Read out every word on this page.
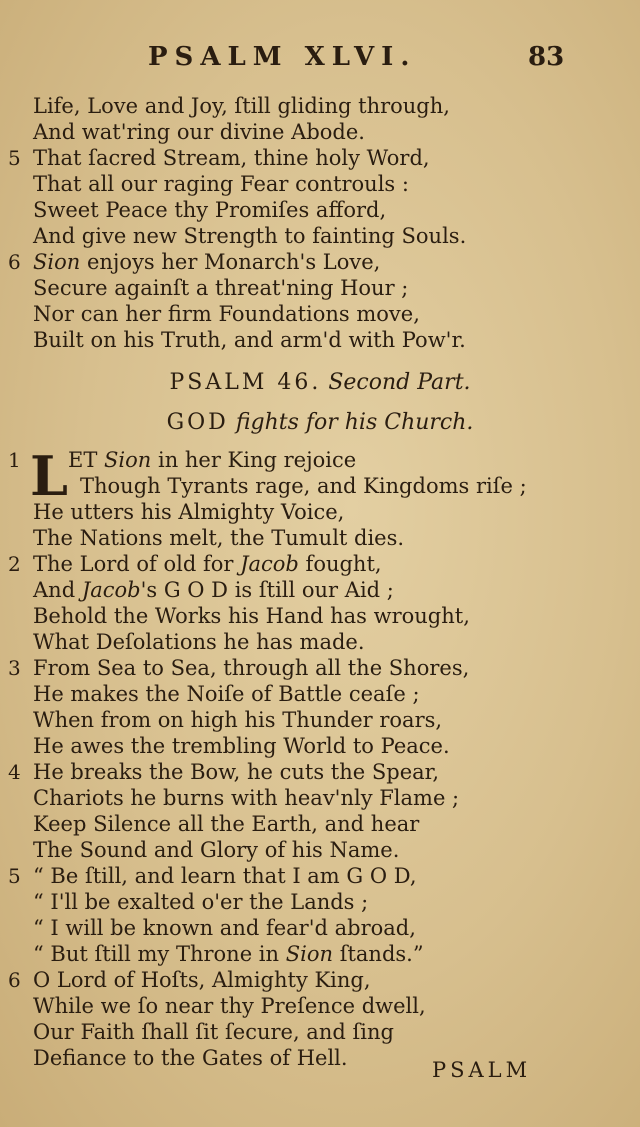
PSALM XLVI.	83
Life, Love and Joy, ſtill gliding through,
And wat'ring our divine Abode.
5 That ſacred Stream, thine holy Word,
That all our raging Fear controuls :
Sweet Peace thy Promiſes afford,
And give new Strength to fainting Souls.
6 Sion enjoys her Monarch's Love,
Secure againſt a threat'ning Hour ;
Nor can her firm Foundations move,
Built on his Truth, and arm'd with Pow'r.
PSALM 46. Second Part.
GOD fights for his Church.
1 L ET Sion in her King rejoice
Though Tyrants rage, and Kingdoms riſe ;
He utters his Almighty Voice,
The Nations melt, the Tumult dies.
2 The Lord of old for Jacob fought,
And Jacob's G O D is ſtill our Aid ;
Behold the Works his Hand has wrought,
What Deſolations he has made.
3 From Sea to Sea, through all the Shores,
He makes the Noiſe of Battle ceaſe ;
When from on high his Thunder roars,
He awes the trembling World to Peace.
4 He breaks the Bow, he cuts the Spear,
Chariots he burns with heav'nly Flame ;
Keep Silence all the Earth, and hear
The Sound and Glory of his Name.
5 “ Be ſtill, and learn that I am G O D,
“ I'll be exalted o'er the Lands ;
“ I will be known and fear'd abroad,
“ But ſtill my Throne in Sion ſtands.”
6 O Lord of Hoſts, Almighty King,
While we ſo near thy Preſence dwell,
Our Faith ſhall ſit ſecure, and ſing
Defiance to the Gates of Hell.	PSALM
